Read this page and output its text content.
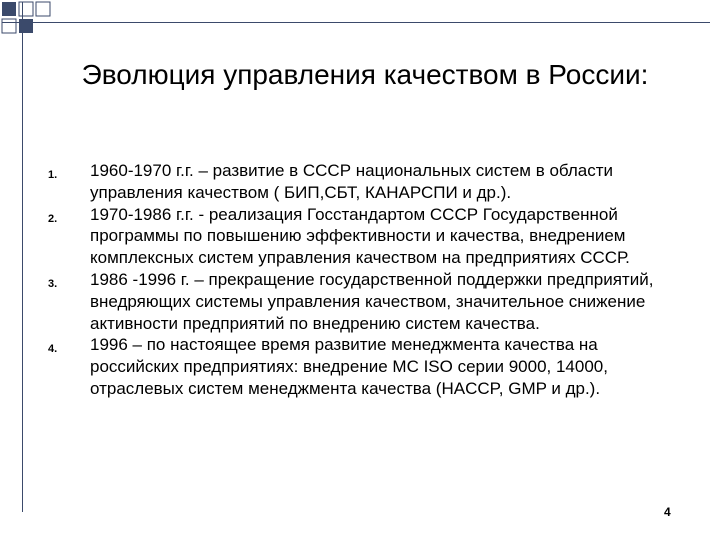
Эволюция управления качеством в России:
1. 1960-1970 г.г. – развитие в СССР национальных систем в области управления качеством ( БИП,СБТ, КАНАРСПИ и др.).
2. 1970-1986 г.г. - реализация Госстандартом СССР Государственной программы по повышению эффективности и качества, внедрением комплексных систем управления качеством на предприятиях СССР.
3. 1986 -1996 г. – прекращение государственной поддержки предприятий, внедряющих системы управления качеством, значительное снижение активности предприятий по внедрению систем качества.
4. 1996 – по настоящее время развитие менеджмента качества на российских предприятиях: внедрение МС ISO серии 9000, 14000, отраслевых систем менеджмента качества (HACCP, GMP и др.).
4
